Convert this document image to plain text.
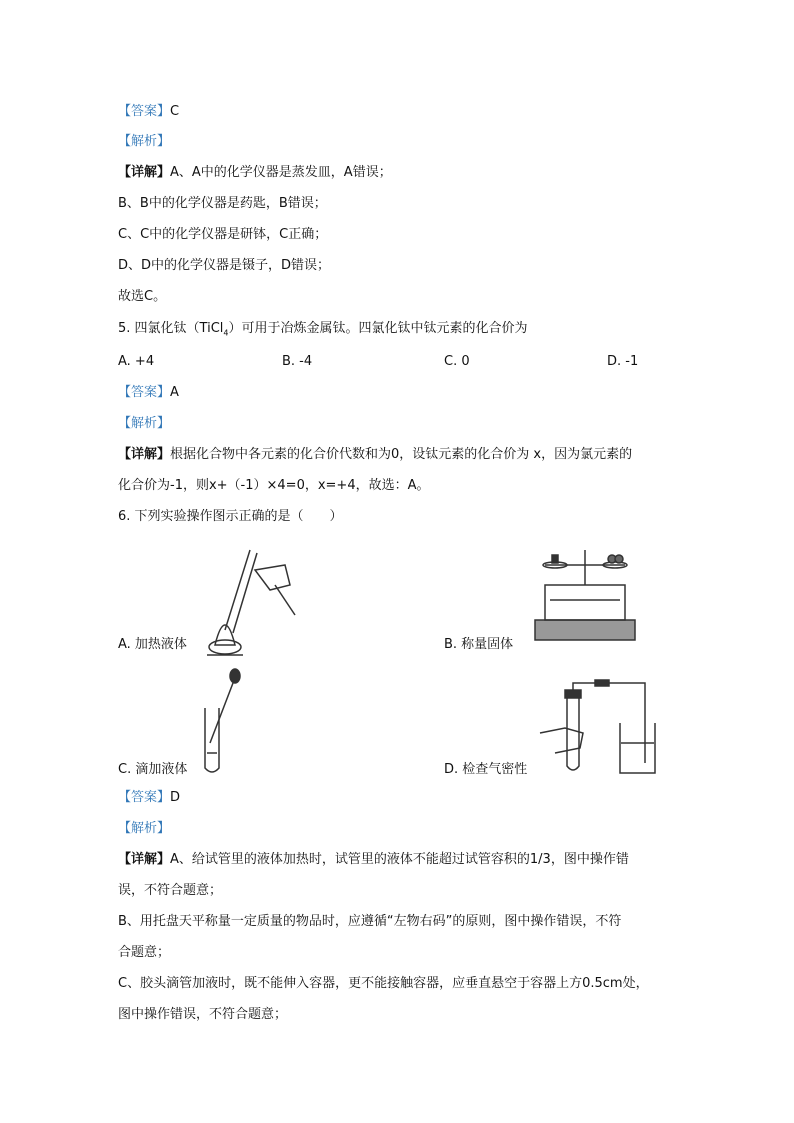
【答案】C
【解析】
【详解】A、A中的化学仪器是蒸发皿，A错误；
B、B中的化学仪器是药匙，B错误；
C、C中的化学仪器是研钵，C正确；
D、D中的化学仪器是镊子，D错误；
故选C。
5. 四氯化钛（TiCl$_4$）可用于冶炼金属钛。四氯化钛中钛元素的化合价为
A. +4	B. -4	C. 0	D. -1
【答案】A
【解析】
【详解】根据化合物中各元素的化合价代数和为0，设钛元素的化合价为 x，因为氯元素的
化合价为-1，则x+（-1）×4=0，x=+4，故选：A。
6. 下列实验操作图示正确的是（　　）
A. 加热液体	B. 称量固体
C. 滴加液体	D. 检查气密性
【答案】D
【解析】
【详解】A、给试管里的液体加热时，试管里的液体不能超过试管容积的1/3，图中操作错
误，不符合题意；
B、用托盘天平称量一定质量的物品时，应遵循“左物右码”的原则，图中操作错误，不符
合题意；
C、胶头滴管加液时，既不能伸入容器，更不能接触容器，应垂直悬空于容器上方0.5cm处，
图中操作错误，不符合题意；
